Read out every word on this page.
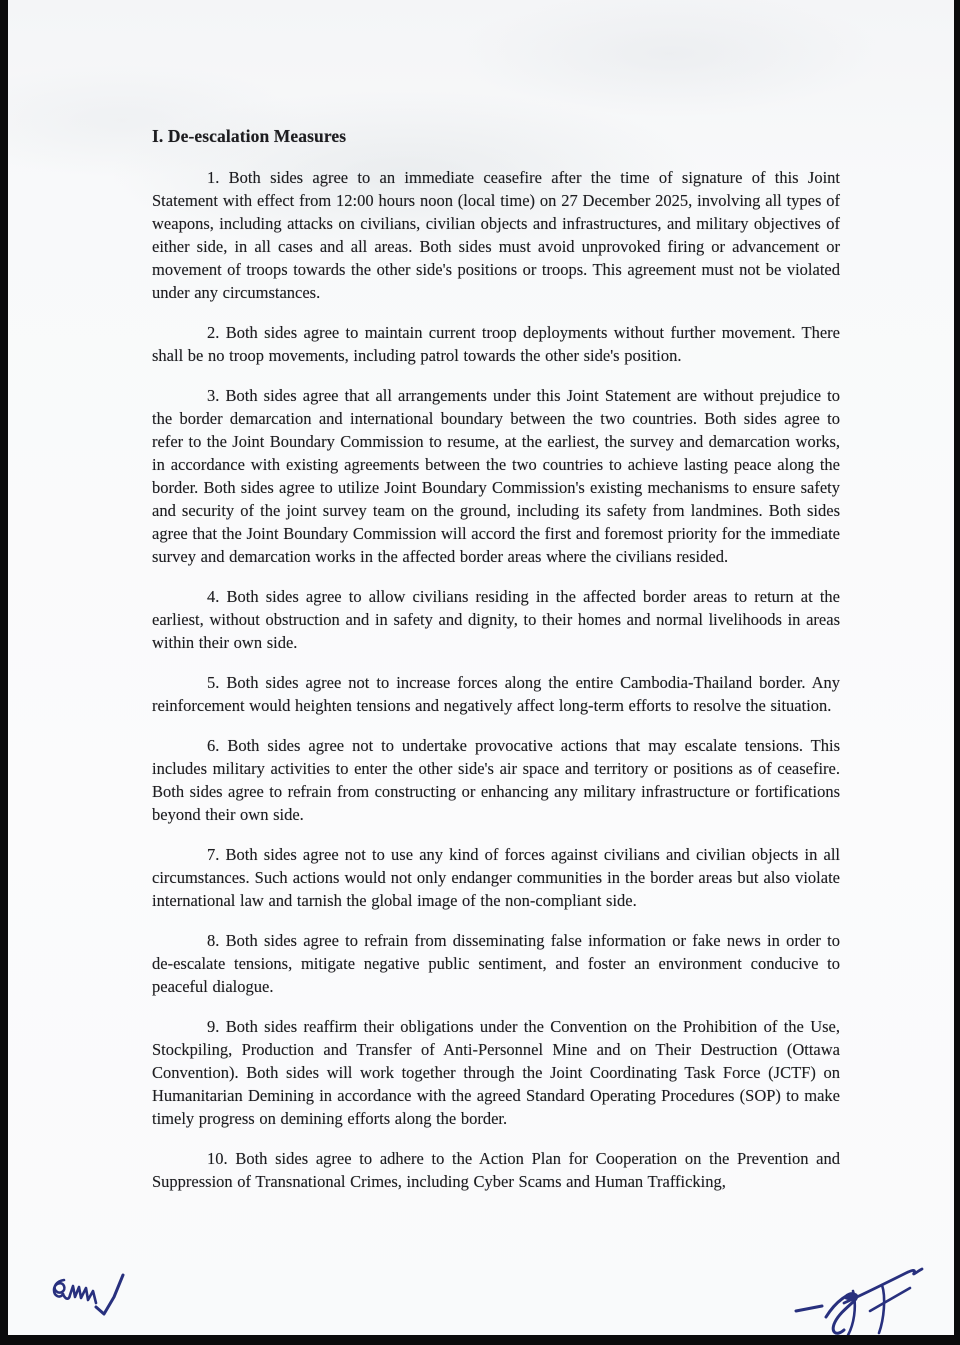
I. De-escalation Measures

1. Both sides agree to an immediate ceasefire after the time of signature of this Joint Statement with effect from 12:00 hours noon (local time) on 27 December 2025, involving all types of weapons, including attacks on civilians, civilian objects and infrastructures, and military objectives of either side, in all cases and all areas. Both sides must avoid unprovoked firing or advancement or movement of troops towards the other side's positions or troops. This agreement must not be violated under any circumstances.

2. Both sides agree to maintain current troop deployments without further movement. There shall be no troop movements, including patrol towards the other side's position.

3. Both sides agree that all arrangements under this Joint Statement are without prejudice to the border demarcation and international boundary between the two countries. Both sides agree to refer to the Joint Boundary Commission to resume, at the earliest, the survey and demarcation works, in accordance with existing agreements between the two countries to achieve lasting peace along the border. Both sides agree to utilize Joint Boundary Commission's existing mechanisms to ensure safety and security of the joint survey team on the ground, including its safety from landmines. Both sides agree that the Joint Boundary Commission will accord the first and foremost priority for the immediate survey and demarcation works in the affected border areas where the civilians resided.

4. Both sides agree to allow civilians residing in the affected border areas to return at the earliest, without obstruction and in safety and dignity, to their homes and normal livelihoods in areas within their own side.

5. Both sides agree not to increase forces along the entire Cambodia-Thailand border. Any reinforcement would heighten tensions and negatively affect long-term efforts to resolve the situation.

6. Both sides agree not to undertake provocative actions that may escalate tensions. This includes military activities to enter the other side's air space and territory or positions as of ceasefire. Both sides agree to refrain from constructing or enhancing any military infrastructure or fortifications beyond their own side.

7. Both sides agree not to use any kind of forces against civilians and civilian objects in all circumstances. Such actions would not only endanger communities in the border areas but also violate international law and tarnish the global image of the non-compliant side.

8. Both sides agree to refrain from disseminating false information or fake news in order to de-escalate tensions, mitigate negative public sentiment, and foster an environment conducive to peaceful dialogue.

9. Both sides reaffirm their obligations under the Convention on the Prohibition of the Use, Stockpiling, Production and Transfer of Anti-Personnel Mine and on Their Destruction (Ottawa Convention). Both sides will work together through the Joint Coordinating Task Force (JCTF) on Humanitarian Demining in accordance with the agreed Standard Operating Procedures (SOP) to make timely progress on demining efforts along the border.

10. Both sides agree to adhere to the Action Plan for Cooperation on the Prevention and Suppression of Transnational Crimes, including Cyber Scams and Human Trafficking,
